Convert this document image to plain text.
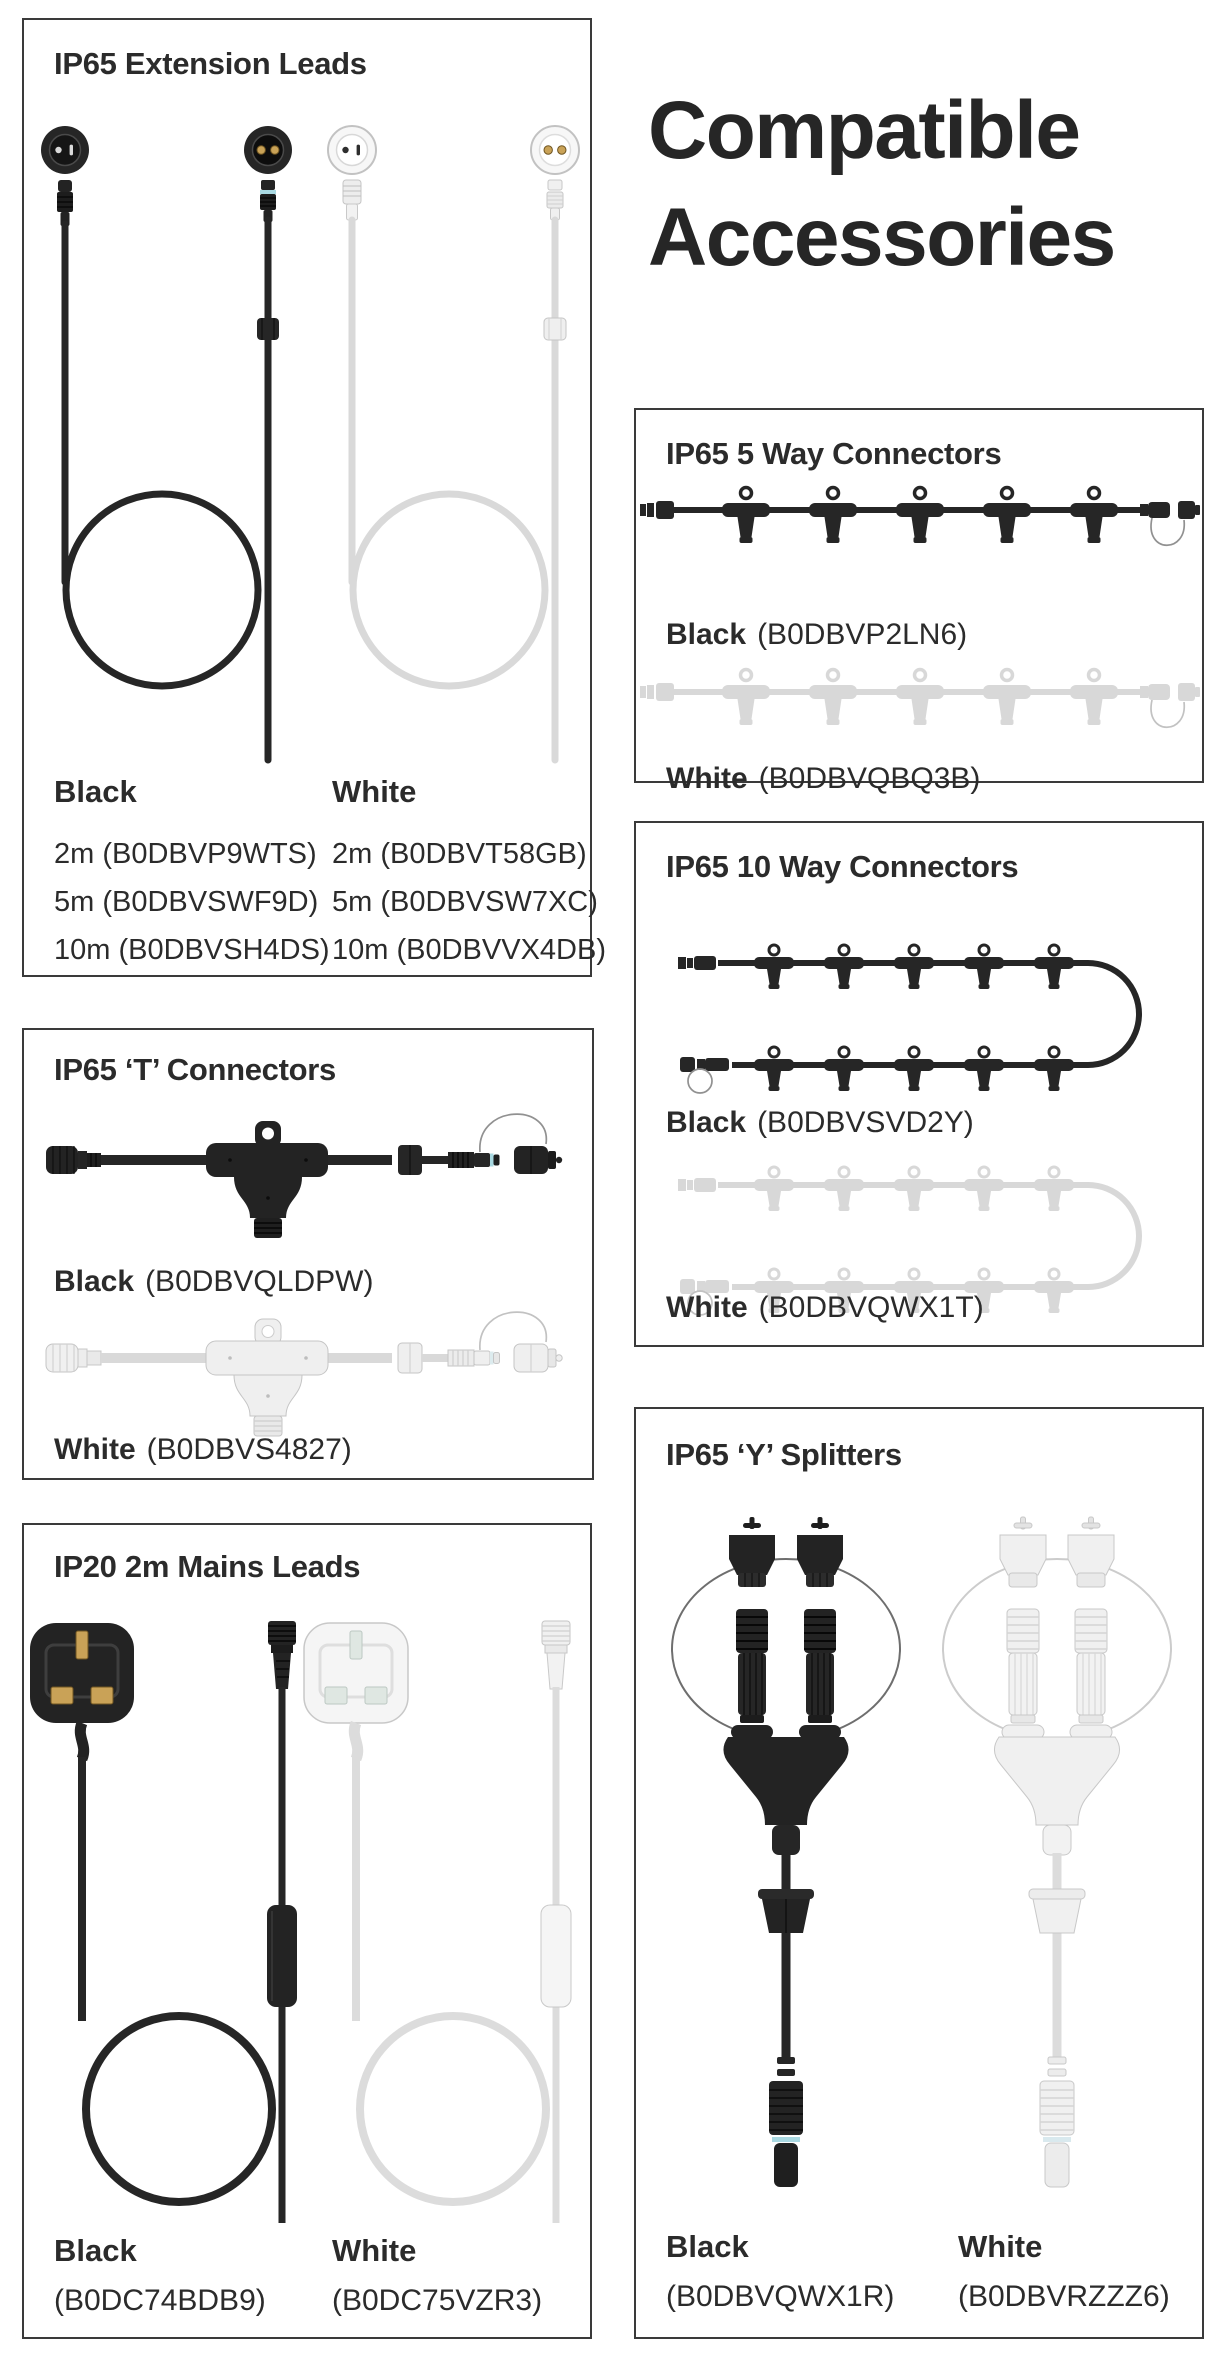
Compatible
Accessories
IP65 Extension Leads
Black
2m (B0DBVP9WTS)
5m (B0DBVSWF9D)
10m (B0DBVSH4DS)
White
2m (B0DBVT58GB)
5m (B0DBVSW7XC)
10m (B0DBVVX4DB)
IP65 5 Way Connectors
Black (B0DBVP2LN6)
White (B0DBVQBQ3B)
IP65 10 Way Connectors
Black (B0DBVSVD2Y)
White (B0DBVQWX1T)
IP65 ‘T’ Connectors
Black (B0DBVQLDPW)
White (B0DBVS4827)
IP20 2m Mains Leads
Black
(B0DC74BDB9)
White
(B0DC75VZR3)
IP65 ‘Y’ Splitters
Black
(B0DBVQWX1R)
White
(B0DBVRZZZ6)
